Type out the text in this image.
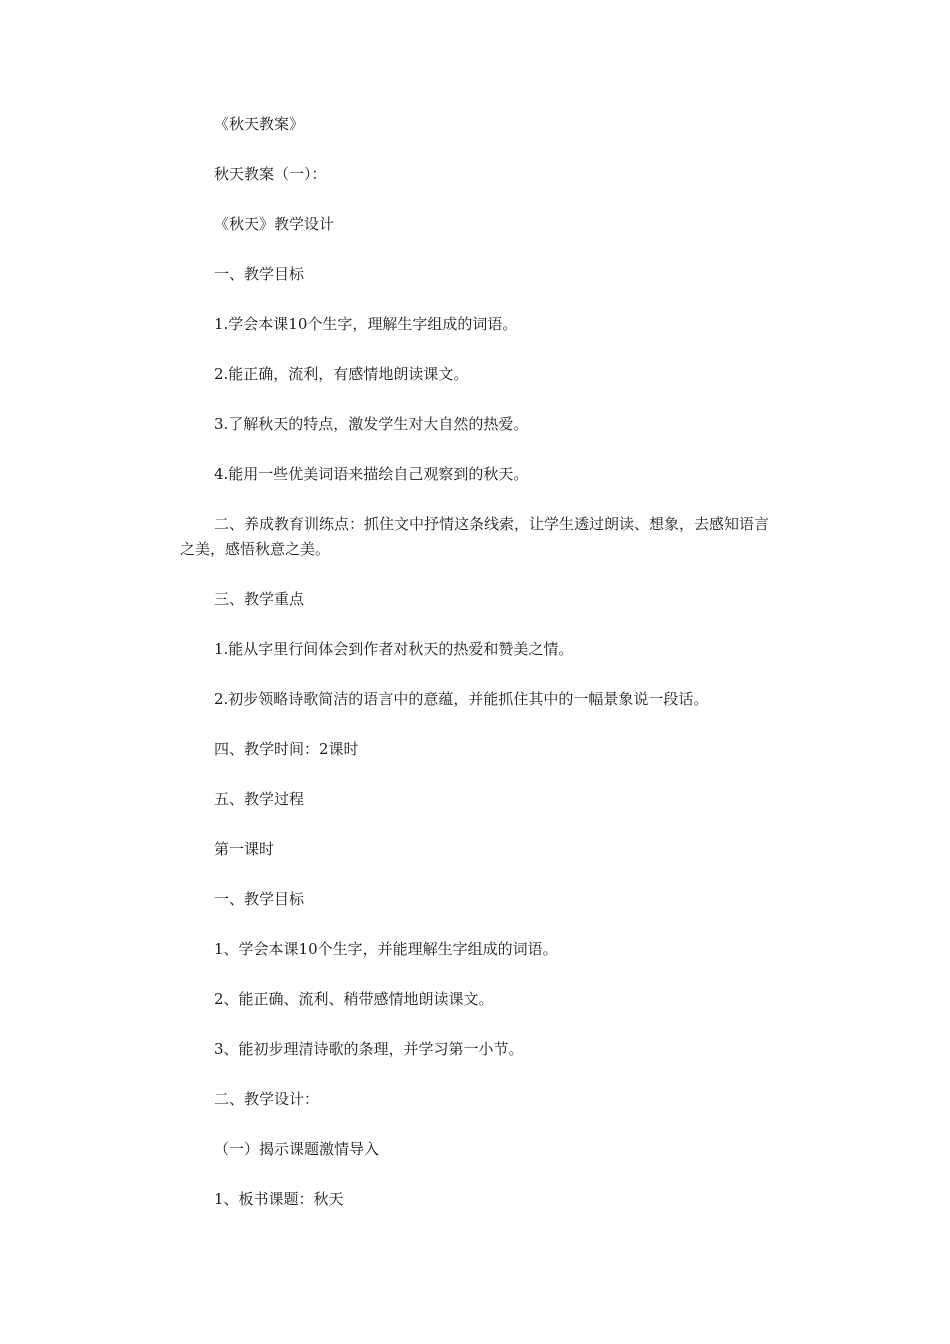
《秋天教案》

秋天教案（一）：

《秋天》教学设计

一、教学目标

1.学会本课10个生字，理解生字组成的词语。

2.能正确，流利，有感情地朗读课文。

3.了解秋天的特点，激发学生对大自然的热爱。

4.能用一些优美词语来描绘自己观察到的秋天。

二、养成教育训练点：抓住文中抒情这条线索，让学生透过朗读、想象，去感知语言之美，感悟秋意之美。

三、教学重点

1.能从字里行间体会到作者对秋天的热爱和赞美之情。

2.初步领略诗歌简洁的语言中的意蕴，并能抓住其中的一幅景象说一段话。

四、教学时间：2课时

五、教学过程

第一课时

一、教学目标

1、学会本课10个生字，并能理解生字组成的词语。

2、能正确、流利、稍带感情地朗读课文。

3、能初步理清诗歌的条理，并学习第一小节。

二、教学设计：

（一）揭示课题激情导入

1、板书课题：秋天
